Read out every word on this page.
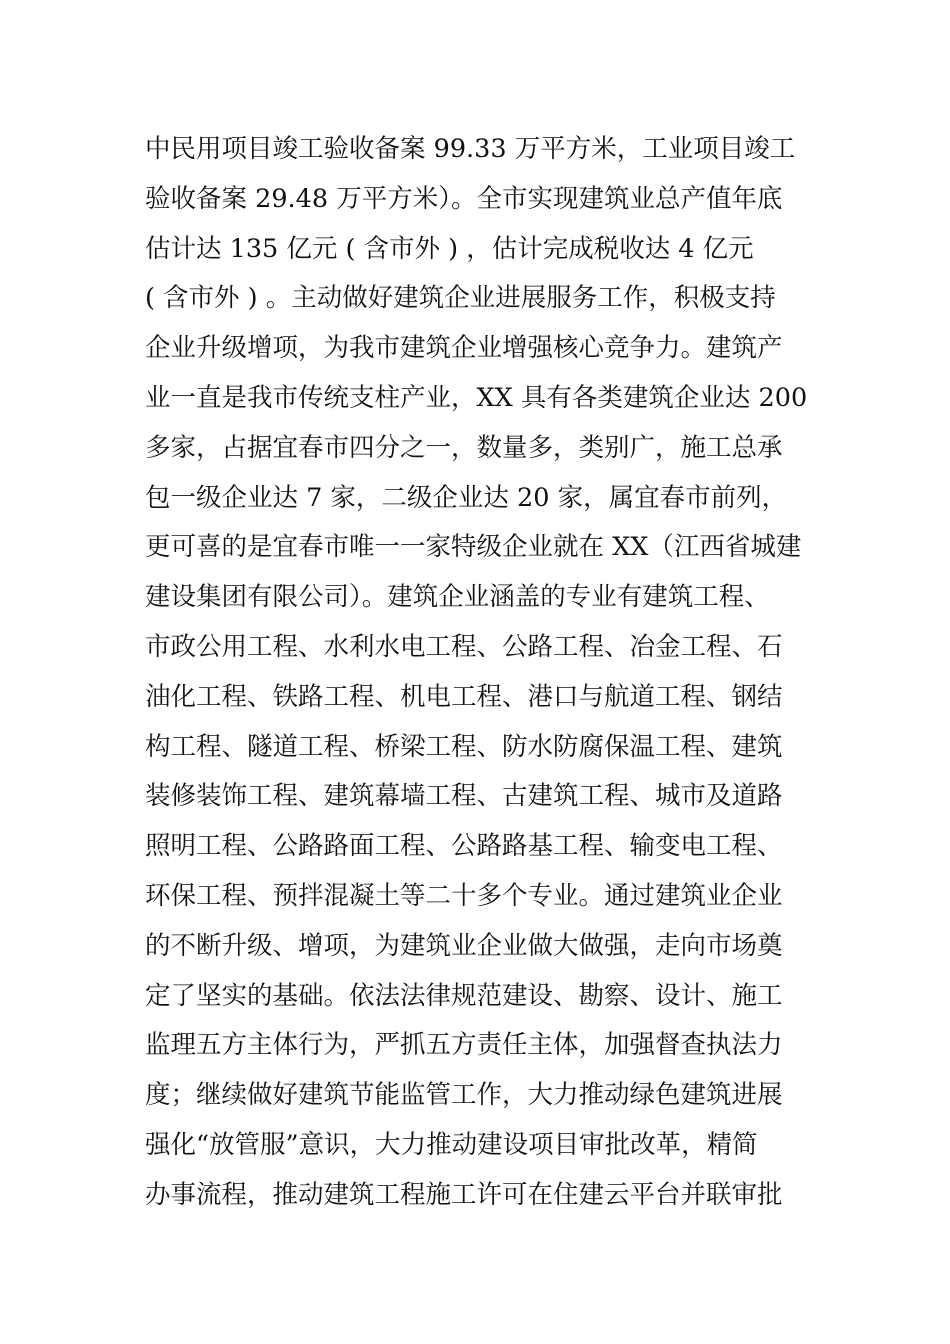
中民用项目竣工验收备案 99.33 万平方米，工业项目竣工
验收备案 29.48 万平方米）。全市实现建筑业总产值年底
估计达 135 亿元 ( 含市外 ) ，估计完成税收达 4 亿元
( 含市外 ) 。主动做好建筑企业进展服务工作，积极支持
企业升级增项，为我市建筑企业增强核心竞争力。建筑产
业一直是我市传统支柱产业，XX 具有各类建筑企业达 200
多家，占据宜春市四分之一，数量多，类别广，施工总承
包一级企业达 7 家，二级企业达 20 家，属宜春市前列，
更可喜的是宜春市唯一一家特级企业就在 XX（江西省城建
建设集团有限公司）。建筑企业涵盖的专业有建筑工程、
市政公用工程、水利水电工程、公路工程、冶金工程、石
油化工程、铁路工程、机电工程、港口与航道工程、钢结
构工程、隧道工程、桥梁工程、防水防腐保温工程、建筑
装修装饰工程、建筑幕墙工程、古建筑工程、城市及道路
照明工程、公路路面工程、公路路基工程、输变电工程、
环保工程、预拌混凝土等二十多个专业。通过建筑业企业
的不断升级、增项，为建筑业企业做大做强，走向市场奠
定了坚实的基础。依法法律规范建设、勘察、设计、施工
监理五方主体行为，严抓五方责任主体，加强督查执法力
度；继续做好建筑节能监管工作，大力推动绿色建筑进展
强化“放管服”意识，大力推动建设项目审批改革，精简
办事流程，推动建筑工程施工许可在住建云平台并联审批
